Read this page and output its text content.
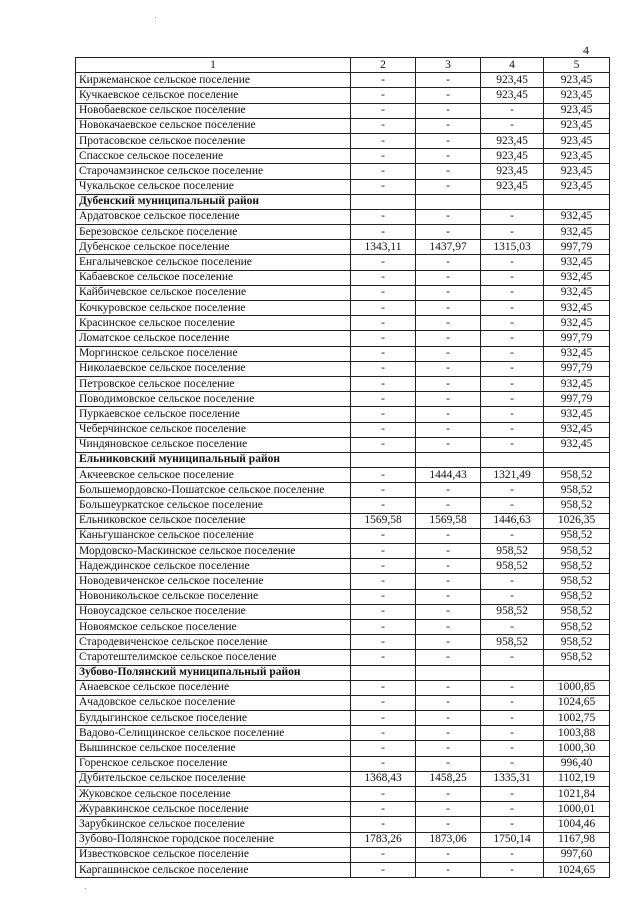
4
1	2	3	4	5
Киржеманское сельское поселение	-	-	923,45	923,45
Кучкаевское сельское поселение	-	-	923,45	923,45
Новобаевское сельское поселение	-	-	-	923,45
Новокачаевское сельское поселение	-	-	-	923,45
Протасовское сельское поселение	-	-	923,45	923,45
Спасское сельское поселение	-	-	923,45	923,45
Старочамзинское сельское поселение	-	-	923,45	923,45
Чукальское сельское поселение	-	-	923,45	923,45
Дубенский муниципальный район				
Ардатовское сельское поселение	-	-	-	932,45
Березовское сельское поселение	-	-	-	932,45
Дубенское сельское поселение	1343,11	1437,97	1315,03	997,79
Енгалычевское сельское поселение	-	-	-	932,45
Кабаевское сельское поселение	-	-	-	932,45
Кайбичевское сельское поселение	-	-	-	932,45
Кочкуровское сельское поселение	-	-	-	932,45
Красинское сельское поселение	-	-	-	932,45
Ломатское сельское поселение	-	-	-	997,79
Моргинское сельское поселение	-	-	-	932,45
Николаевское сельское поселение	-	-	-	997,79
Петровское сельское поселение	-	-	-	932,45
Поводимовское сельское поселение	-	-	-	997,79
Пуркаевское сельское поселение	-	-	-	932,45
Чеберчинское сельское поселение	-	-	-	932,45
Чиндяновское сельское поселение	-	-	-	932,45
Ельниковский муниципальный район				
Акчеевское сельское поселение	-	1444,43	1321,49	958,52
Большемордовско-Пошатское сельское поселение	-	-	-	958,52
Большеуркатское сельское поселение	-	-	-	958,52
Ельниковское сельское поселение	1569,58	1569,58	1446,63	1026,35
Каньгушанское сельское поселение	-	-	-	958,52
Мордовско-Маскинское сельское поселение	-	-	958,52	958,52
Надеждинское сельское поселение	-	-	958,52	958,52
Новодевиченское сельское поселение	-	-	-	958,52
Новоникольское сельское поселение	-	-	-	958,52
Новоусадское сельское поселение	-	-	958,52	958,52
Новоямское сельское поселение	-	-	-	958,52
Стародевиченское сельское поселение	-	-	958,52	958,52
Старотештелимское сельское поселение	-	-	-	958,52
Зубово-Полянский муниципальный район				
Анаевское сельское поселение	-	-	-	1000,85
Ачадовское сельское поселение	-	-	-	1024,65
Булдыгинское сельское поселение	-	-	-	1002,75
Вадово-Селищинское сельское поселение	-	-	-	1003,88
Вышинское сельское поселение	-	-	-	1000,30
Горенское сельское поселение	-	-	-	996,40
Дубительское сельское поселение	1368,43	1458,25	1335,31	1102,19
Жуковское сельское поселение	-	-	-	1021,84
Журавкинское сельское поселение	-	-	-	1000,01
Зарубкинское сельское поселение	-	-	-	1004,46
Зубово-Полянское городское поселение	1783,26	1873,06	1750,14	1167,98
Известковское сельское поселение	-	-	-	997,60
Каргашинское сельское поселение	-	-	-	1024,65
